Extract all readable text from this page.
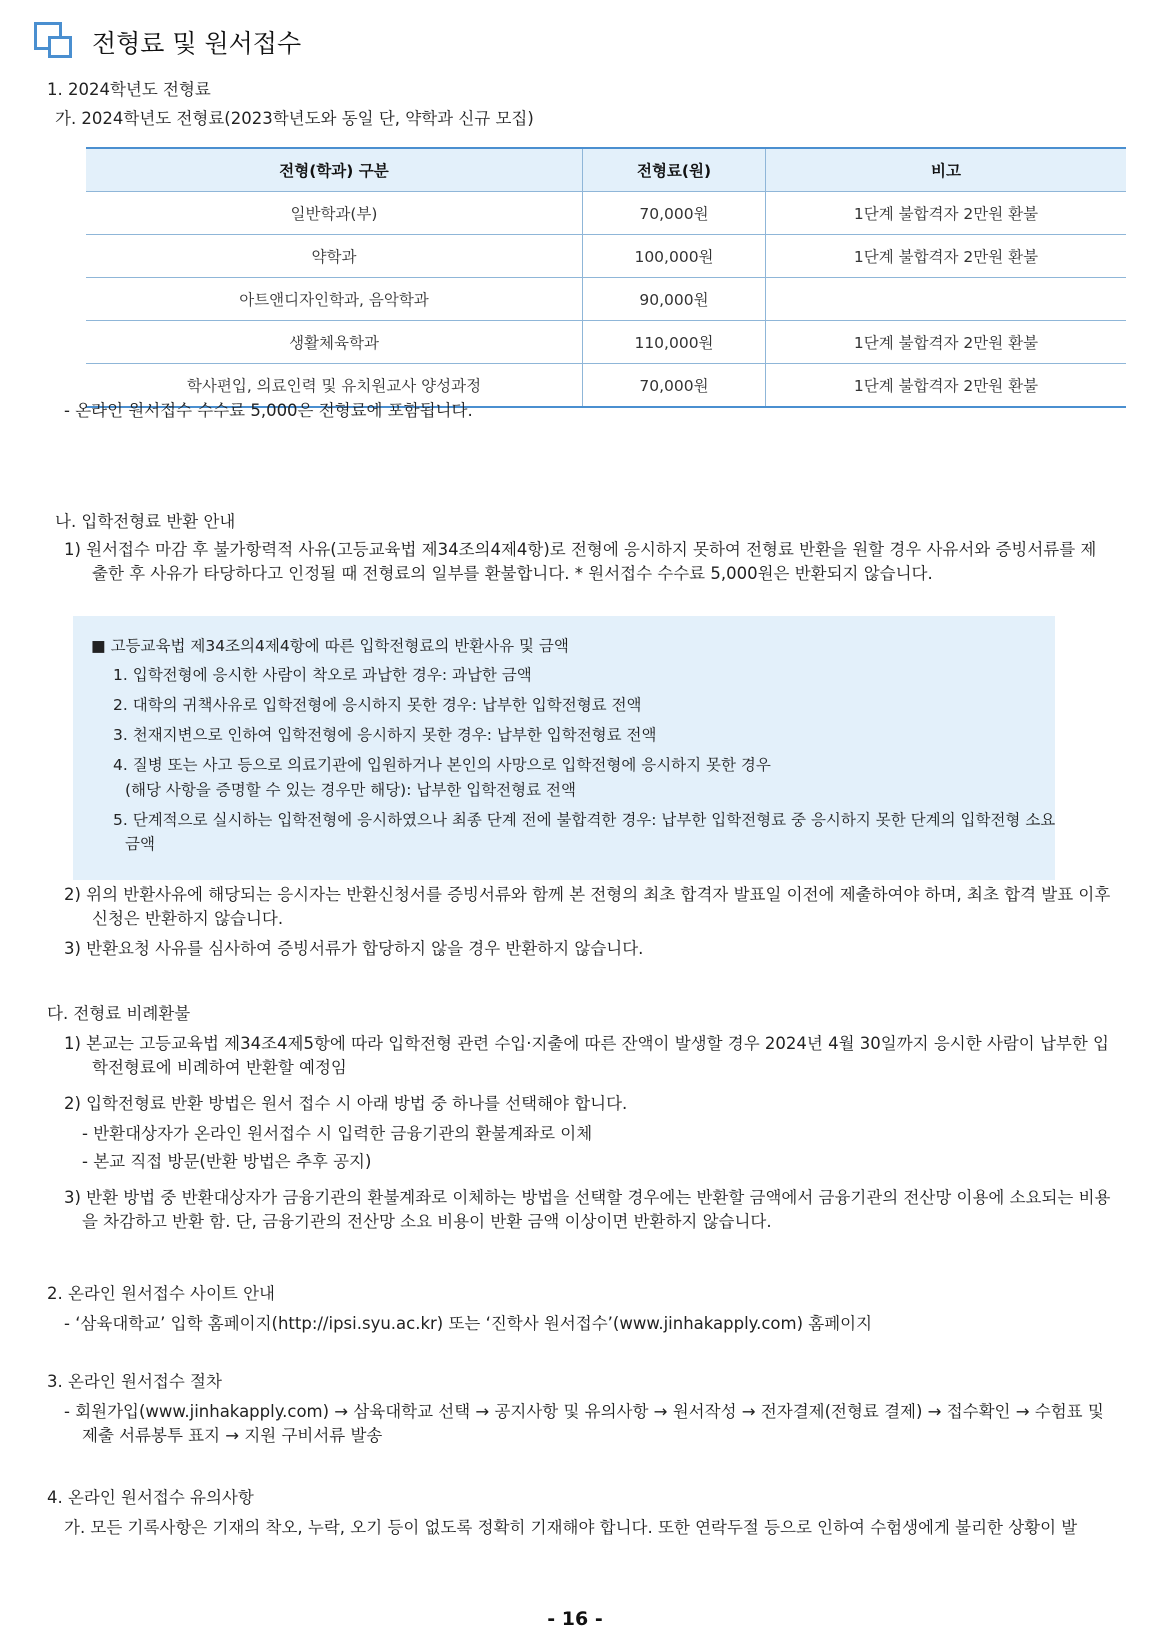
전형료 및 원서접수
1. 2024학년도 전형료
가. 2024학년도 전형료(2023학년도와 동일 단, 약학과 신규 모집)
전형(학과) 구분	전형료(원)	비고
일반학과(부)	70,000원	1단계 불합격자 2만원 환불
약학과	100,000원	1단계 불합격자 2만원 환불
아트앤디자인학과, 음악학과	90,000원	
생활체육학과	110,000원	1단계 불합격자 2만원 환불
학사편입, 의료인력 및 유치원교사 양성과정	70,000원	1단계 불합격자 2만원 환불
- 온라인 원서접수 수수료 5,000은 전형료에 포함됩니다.
나. 입학전형료 반환 안내
1) 원서접수 마감 후 불가항력적 사유(고등교육법 제34조의4제4항)로 전형에 응시하지 못하여 전형료 반환을 원할 경우 사유서와 증빙서류를 제출한 후 사유가 타당하다고 인정될 때 전형료의 일부를 환불합니다. * 원서접수 수수료 5,000원은 반환되지 않습니다.
■ 고등교육법 제34조의4제4항에 따른 입학전형료의 반환사유 및 금액
1. 입학전형에 응시한 사람이 착오로 과납한 경우: 과납한 금액
2. 대학의 귀책사유로 입학전형에 응시하지 못한 경우: 납부한 입학전형료 전액
3. 천재지변으로 인하여 입학전형에 응시하지 못한 경우: 납부한 입학전형료 전액
4. 질병 또는 사고 등으로 의료기관에 입원하거나 본인의 사망으로 입학전형에 응시하지 못한 경우
(해당 사항을 증명할 수 있는 경우만 해당): 납부한 입학전형료 전액
5. 단계적으로 실시하는 입학전형에 응시하였으나 최종 단계 전에 불합격한 경우: 납부한 입학전형료 중 응시하지 못한 단계의 입학전형 소요
금액
2) 위의 반환사유에 해당되는 응시자는 반환신청서를 증빙서류와 함께 본 전형의 최초 합격자 발표일 이전에 제출하여야 하며, 최초 합격 발표 이후 신청은 반환하지 않습니다.
3) 반환요청 사유를 심사하여 증빙서류가 합당하지 않을 경우 반환하지 않습니다.
다. 전형료 비례환불
1) 본교는 고등교육법 제34조4제5항에 따라 입학전형 관련 수입·지출에 따른 잔액이 발생할 경우 2024년 4월 30일까지 응시한 사람이 납부한 입학전형료에 비례하여 반환할 예정임
2) 입학전형료 반환 방법은 원서 접수 시 아래 방법 중 하나를 선택해야 합니다.
- 반환대상자가 온라인 원서접수 시 입력한 금융기관의 환불계좌로 이체
- 본교 직접 방문(반환 방법은 추후 공지)
3) 반환 방법 중 반환대상자가 금융기관의 환불계좌로 이체하는 방법을 선택할 경우에는 반환할 금액에서 금융기관의 전산망 이용에 소요되는 비용을 차감하고 반환 함. 단, 금융기관의 전산망 소요 비용이 반환 금액 이상이면 반환하지 않습니다.
2. 온라인 원서접수 사이트 안내
- ‘삼육대학교’ 입학 홈페이지(http://ipsi.syu.ac.kr) 또는 ‘진학사 원서접수’(www.jinhakapply.com) 홈페이지
3. 온라인 원서접수 절차
- 회원가입(www.jinhakapply.com) → 삼육대학교 선택 → 공지사항 및 유의사항 → 원서작성 → 전자결제(전형료 결제) → 접수확인 → 수험표 및 제출 서류봉투 표지 → 지원 구비서류 발송
4. 온라인 원서접수 유의사항
가. 모든 기록사항은 기재의 착오, 누락, 오기 등이 없도록 정확히 기재해야 합니다. 또한 연락두절 등으로 인하여 수험생에게 불리한 상황이 발
- 16 -
